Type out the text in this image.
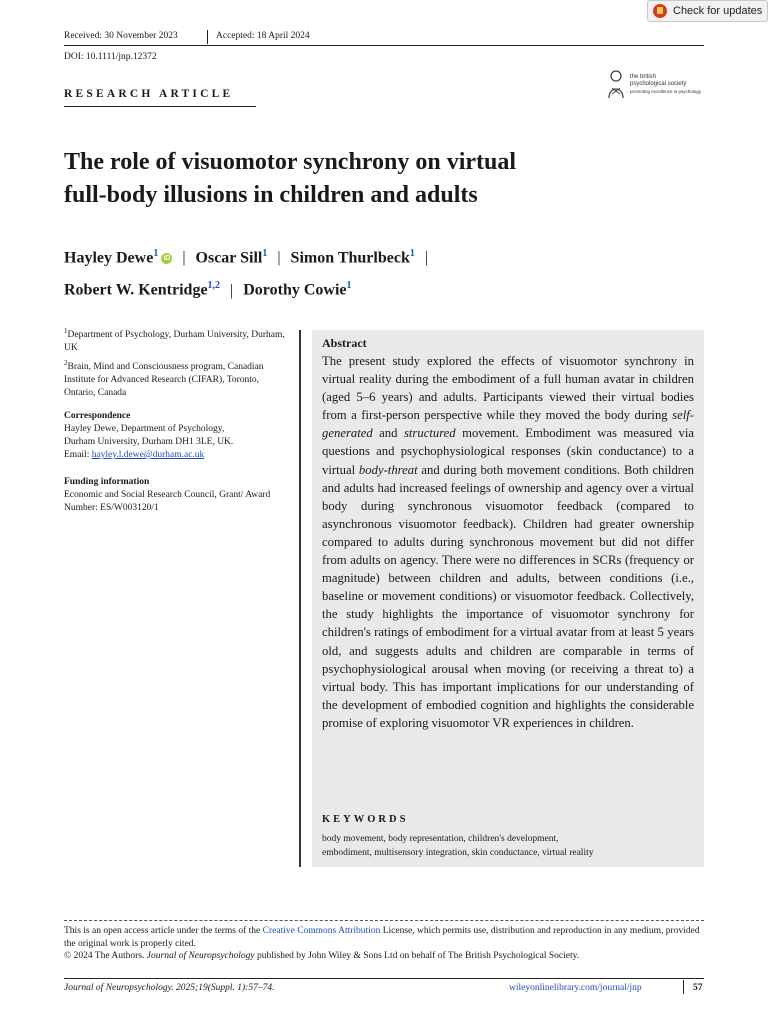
Check for updates
Received: 30 November 2023	Accepted: 18 April 2024
DOI: 10.1111/jnp.12372
RESEARCH ARTICLE
the british
psychological society
promoting excellence in psychology
The role of visuomotor synchrony on virtual
full-body illusions in children and adults
Hayley Dewe$^1$ iD | Oscar Sill$^1$ | Simon Thurlbeck$^1$ |
Robert W. Kentridge$^{1,2}$ | Dorothy Cowie$^1$
$^1$Department of Psychology, Durham University, Durham, UK
$^2$Brain, Mind and Consciousness program, Canadian Institute for Advanced Research (CIFAR), Toronto, Ontario, Canada
Correspondence
Hayley Dewe, Department of Psychology,
Durham University, Durham DH1 3LE, UK.
Email: hayley.l.dewe@durham.ac.uk
Funding information
Economic and Social Research Council, Grant/ Award Number: ES/W003120/1
Abstract
The present study explored the effects of visuomotor synchrony in virtual reality during the embodiment of a full human avatar in children (aged 5–6 years) and adults. Participants viewed their virtual bodies from a first-person perspective while they moved the body during self-generated and structured movement. Embodiment was measured via questions and psychophysiological responses (skin conductance) to a virtual body-threat and during both movement conditions. Both children and adults had increased feelings of ownership and agency over a virtual body during synchronous visuomotor feedback (compared to asynchronous visuomotor feedback). Children had greater ownership compared to adults during synchronous movement but did not differ from adults on agency. There were no differences in SCRs (frequency or magnitude) between children and adults, between conditions (i.e., baseline or movement conditions) or visuomotor feedback. Collectively, the study highlights the importance of visuomotor synchrony for children's ratings of embodiment for a virtual avatar from at least 5 years old, and suggests adults and children are comparable in terms of psychophysiological arousal when moving (or receiving a threat to) a virtual body. This has important implications for our understanding of the development of embodied cognition and highlights the considerable promise of exploring visuomotor VR experiences in children.
KEYWORDS
body movement, body representation, children's development,
embodiment, multisensory integration, skin conductance, virtual reality
This is an open access article under the terms of the Creative Commons Attribution License, which permits use, distribution and reproduction in any medium, provided the original work is properly cited.
© 2024 The Authors. Journal of Neuropsychology published by John Wiley & Sons Ltd on behalf of The British Psychological Society.
Journal of Neuropsychology. 2025;19(Suppl. 1):57–74.	wileyonlinelibrary.com/journal/jnp	57
